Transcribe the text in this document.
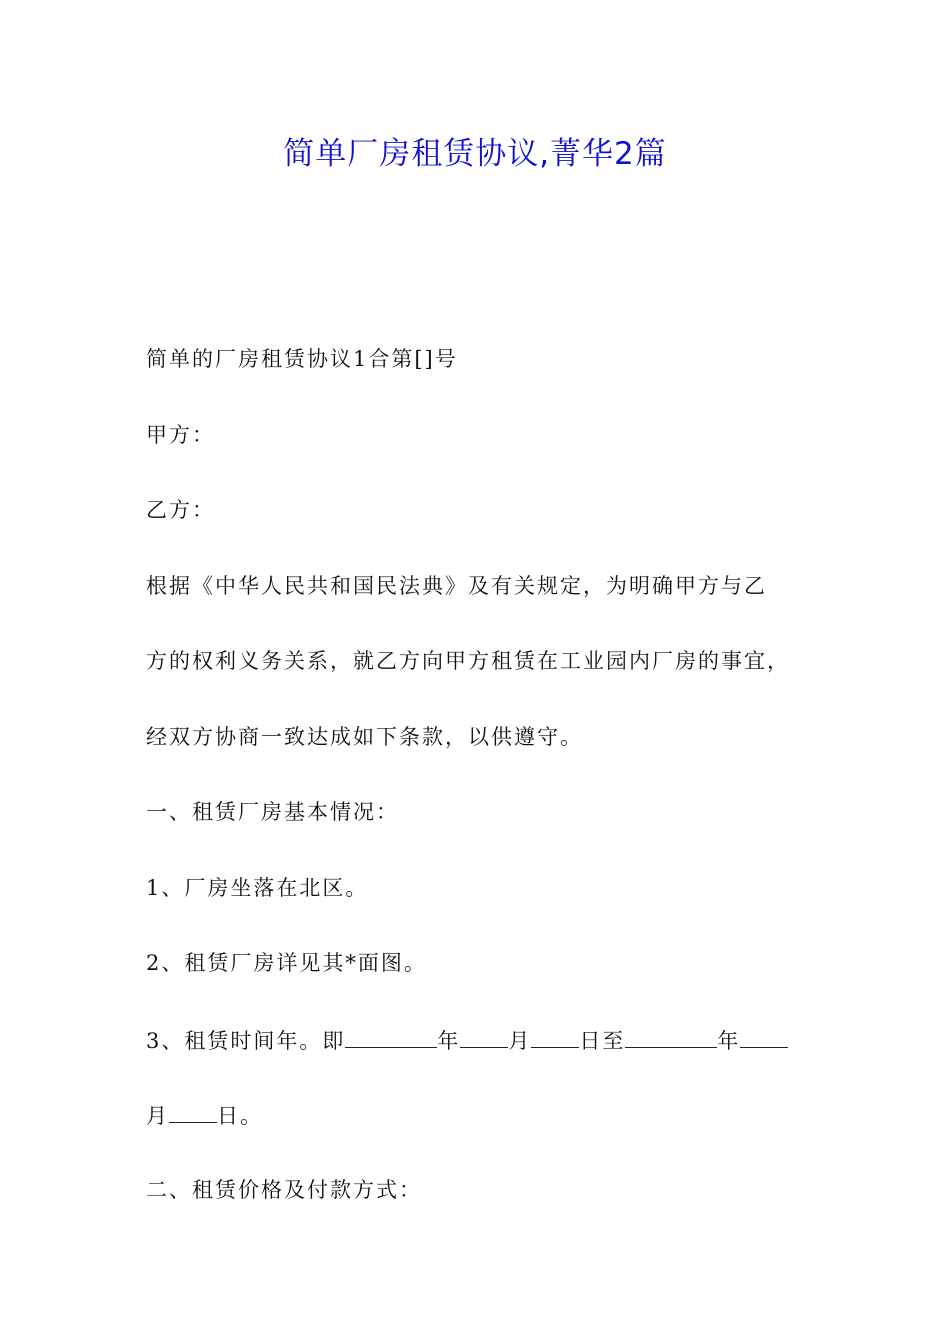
简单厂房租赁协议,菁华2篇

简单的厂房租赁协议1合第[]号

甲方：

乙方：

根据《中华人民共和国民法典》及有关规定，为明确甲方与乙

方的权利义务关系，就乙方向甲方租赁在工业园内厂房的事宜，

经双方协商一致达成如下条款，以供遵守。

一、租赁厂房基本情况：

1、厂房坐落在北区。

2、租赁厂房详见其*面图。

3、租赁时间年。即	年 月 日至	年

月 日。

二、租赁价格及付款方式：
